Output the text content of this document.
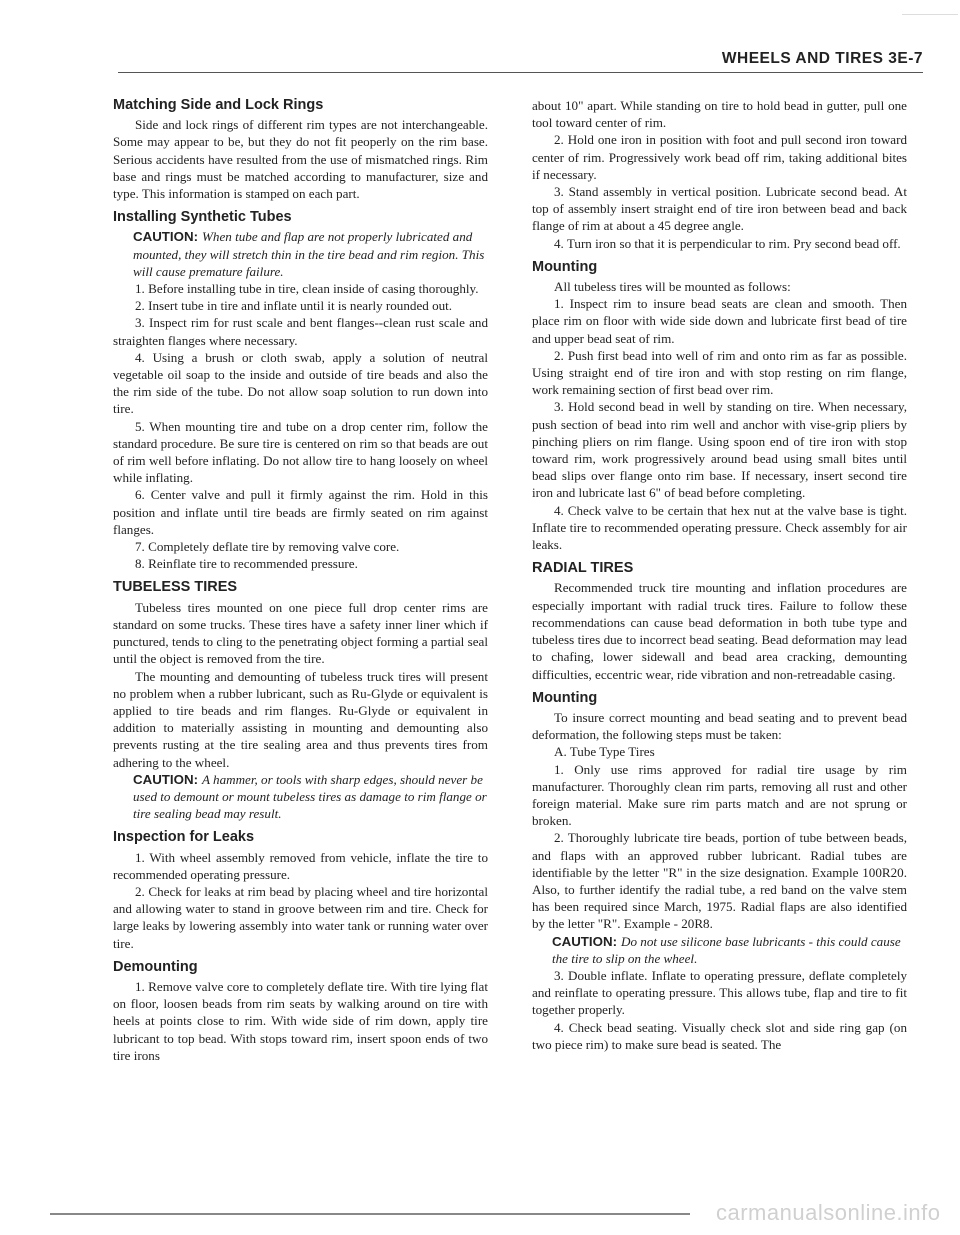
WHEELS AND TIRES 3E-7
Matching Side and Lock Rings

Side and lock rings of different rim types are not interchangeable. Some may appear to be, but they do not fit peoperly on the rim base. Serious accidents have resulted from the use of mismatched rings. Rim base and rings must be matched according to manufacturer, size and type. This information is stamped on each part.

Installing Synthetic Tubes

CAUTION: When tube and flap are not properly lubricated and mounted, they will stretch thin in the tire bead and rim region. This will cause premature failure.

1. Before installing tube in tire, clean inside of casing thoroughly.

2. Insert tube in tire and inflate until it is nearly rounded out.

3. Inspect rim for rust scale and bent flanges--clean rust scale and straighten flanges where necessary.

4. Using a brush or cloth swab, apply a solution of neutral vegetable oil soap to the inside and outside of tire beads and also the the rim side of the tube. Do not allow soap solution to run down into tire.

5. When mounting tire and tube on a drop center rim, follow the standard procedure. Be sure tire is centered on rim so that beads are out of rim well before inflating. Do not allow tire to hang loosely on wheel while inflating.

6. Center valve and pull it firmly against the rim. Hold in this position and inflate until tire beads are firmly seated on rim against flanges.

7. Completely deflate tire by removing valve core.

8. Reinflate tire to recommended pressure.

TUBELESS TIRES

Tubeless tires mounted on one piece full drop center rims are standard on some trucks. These tires have a safety inner liner which if punctured, tends to cling to the penetrating object forming a partial seal until the object is removed from the tire.

The mounting and demounting of tubeless truck tires will present no problem when a rubber lubricant, such as Ru-Glyde or equivalent is applied to tire beads and rim flanges. Ru-Glyde or equivalent in addition to materially assisting in mounting and demounting also prevents rusting at the tire sealing area and thus prevents tires from adhering to the wheel.

CAUTION: A hammer, or tools with sharp edges, should never be used to demount or mount tubeless tires as damage to rim flange or tire sealing bead may result.

Inspection for Leaks

1. With wheel assembly removed from vehicle, inflate the tire to recommended operating pressure.

2. Check for leaks at rim bead by placing wheel and tire horizontal and allowing water to stand in groove between rim and tire. Check for large leaks by lowering assembly into water tank or running water over tire.

Demounting

1. Remove valve core to completely deflate tire. With tire lying flat on floor, loosen beads from rim seats by walking around on tire with heels at points close to rim. With wide side of rim down, apply tire lubricant to top bead. With stops toward rim, insert spoon ends of two tire irons

about 10" apart. While standing on tire to hold bead in gutter, pull one tool toward center of rim.

2. Hold one iron in position with foot and pull second iron toward center of rim. Progressively work bead off rim, taking additional bites if necessary.

3. Stand assembly in vertical position. Lubricate second bead. At top of assembly insert straight end of tire iron between bead and back flange of rim at about a 45 degree angle.

4. Turn iron so that it is perpendicular to rim. Pry second bead off.

Mounting

All tubeless tires will be mounted as follows:

1. Inspect rim to insure bead seats are clean and smooth. Then place rim on floor with wide side down and lubricate first bead of tire and upper bead seat of rim.

2. Push first bead into well of rim and onto rim as far as possible. Using straight end of tire iron and with stop resting on rim flange, work remaining section of first bead over rim.

3. Hold second bead in well by standing on tire. When necessary, push section of bead into rim well and anchor with vise-grip pliers by pinching pliers on rim flange. Using spoon end of tire iron with stop toward rim, work progressively around bead using small bites until bead slips over flange onto rim base. If necessary, insert second tire iron and lubricate last 6" of bead before completing.

4. Check valve to be certain that hex nut at the valve base is tight. Inflate tire to recommended operating pressure. Check assembly for air leaks.

RADIAL TIRES

Recommended truck tire mounting and inflation procedures are especially important with radial truck tires. Failure to follow these recommendations can cause bead deformation in both tube type and tubeless tires due to incorrect bead seating. Bead deformation may lead to chafing, lower sidewall and bead area cracking, demounting difficulties, eccentric wear, ride vibration and non-retreadable casing.

Mounting

To insure correct mounting and bead seating and to prevent bead deformation, the following steps must be taken:

A. Tube Type Tires

1. Only use rims approved for radial tire usage by rim manufacturer. Thoroughly clean rim parts, removing all rust and other foreign material. Make sure rim parts match and are not sprung or broken.

2. Thoroughly lubricate tire beads, portion of tube between beads, and flaps with an approved rubber lubricant. Radial tubes are identifiable by the letter "R" in the size designation. Example 100R20. Also, to further identify the radial tube, a red band on the valve stem has been required since March, 1975. Radial flaps are also identified by the letter "R". Example - 20R8.

CAUTION: Do not use silicone base lubricants - this could cause the tire to slip on the wheel.

3. Double inflate. Inflate to operating pressure, deflate completely and reinflate to operating pressure. This allows tube, flap and tire to fit together properly.

4. Check bead seating. Visually check slot and side ring gap (on two piece rim) to make sure bead is seated. The

carmanualsonline.info
